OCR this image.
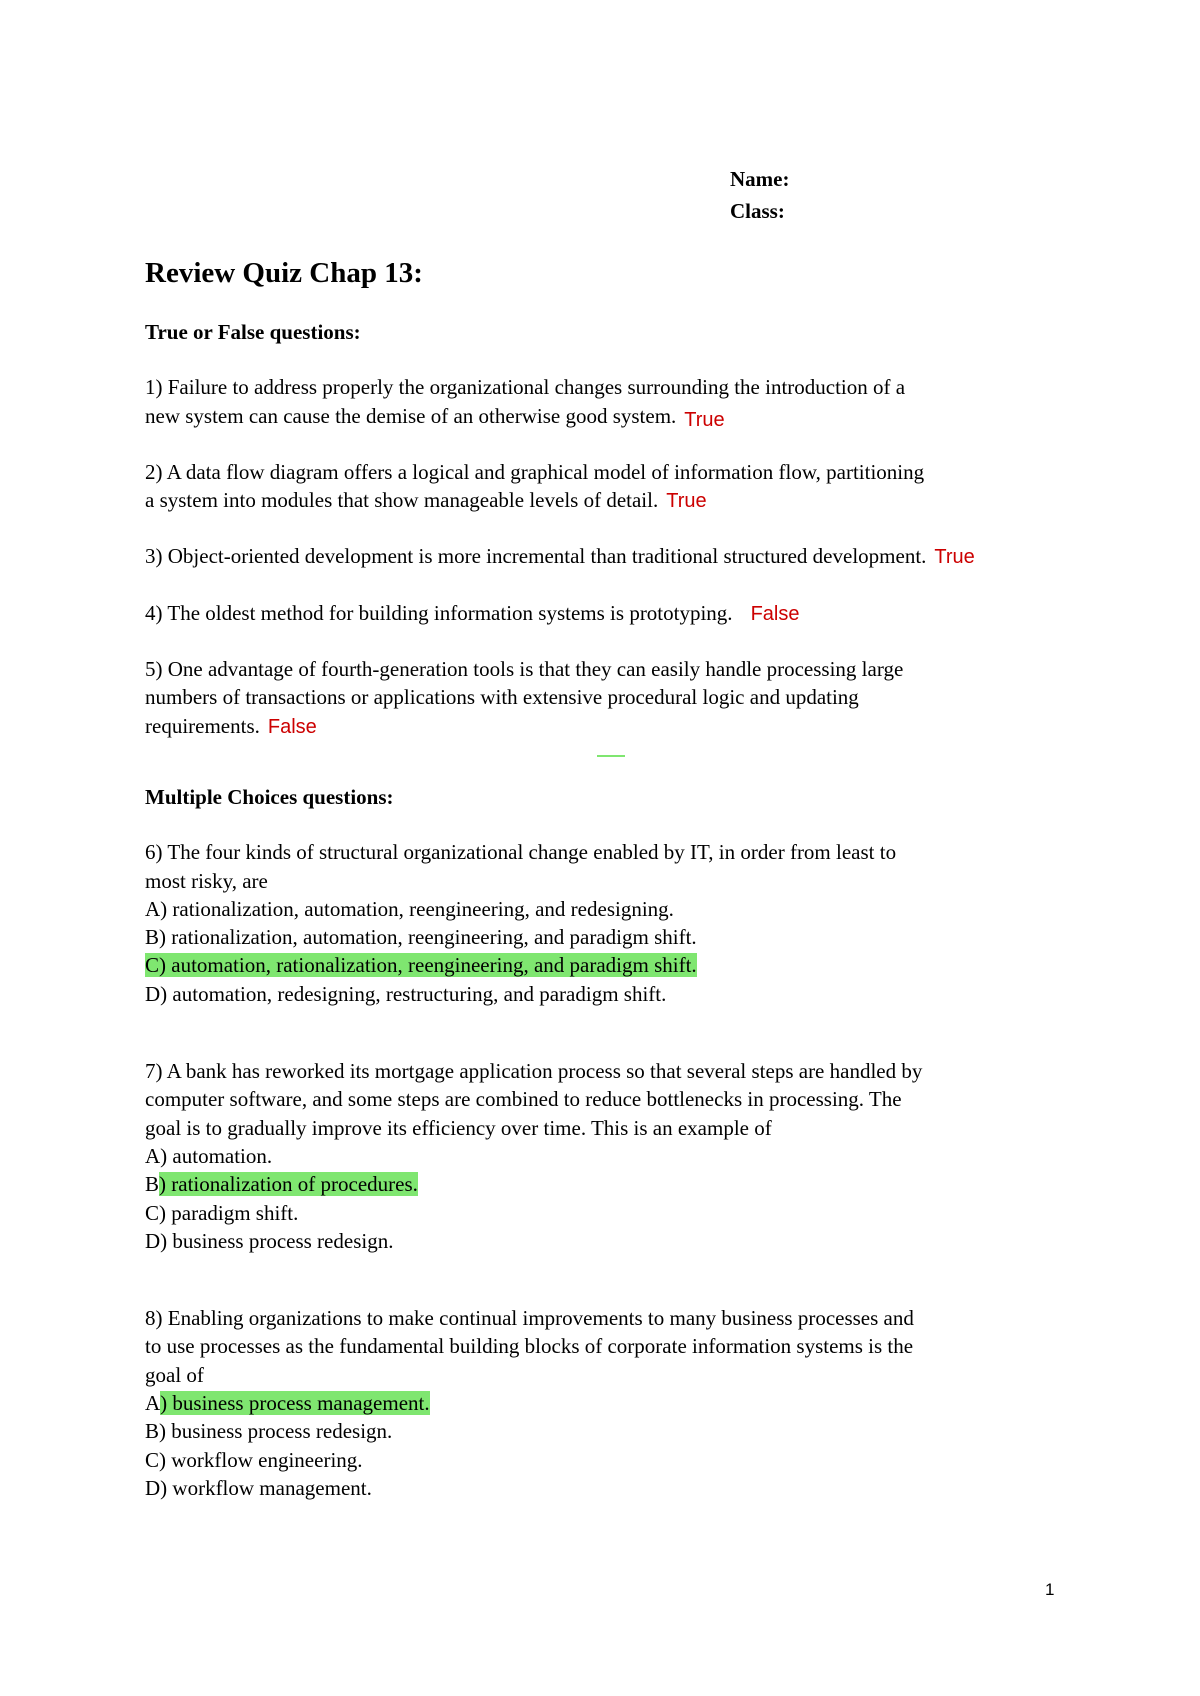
Name:
Class:
Review Quiz Chap 13:
True or False questions:

1) Failure to address properly the organizational changes surrounding the introduction of a

new system can cause the demise of an otherwise good system. True

2) A data flow diagram offers a logical and graphical model of information flow, partitioning

a system into modules that show manageable levels of detail. True

3) Object-oriented development is more incremental than traditional structured development. True

4) The oldest method for building information systems is prototyping. False

5) One advantage of fourth-generation tools is that they can easily handle processing large

numbers of transactions or applications with extensive procedural logic and updating

requirements. False

Multiple Choices questions:

6) The four kinds of structural organizational change enabled by IT, in order from least to

most risky, are

A) rationalization, automation, reengineering, and redesigning.
B) rationalization, automation, reengineering, and paradigm shift.
C) automation, rationalization, reengineering, and paradigm shift.
D) automation, redesigning, restructuring, and paradigm shift.

7) A bank has reworked its mortgage application process so that several steps are handled by

computer software, and some steps are combined to reduce bottlenecks in processing. The

goal is to gradually improve its efficiency over time. This is an example of

A) automation.
B) rationalization of procedures.
C) paradigm shift.
D) business process redesign.

8) Enabling organizations to make continual improvements to many business processes and

to use processes as the fundamental building blocks of corporate information systems is the

goal of

A) business process management.
B) business process redesign.
C) workflow engineering.
D) workflow management.
1
